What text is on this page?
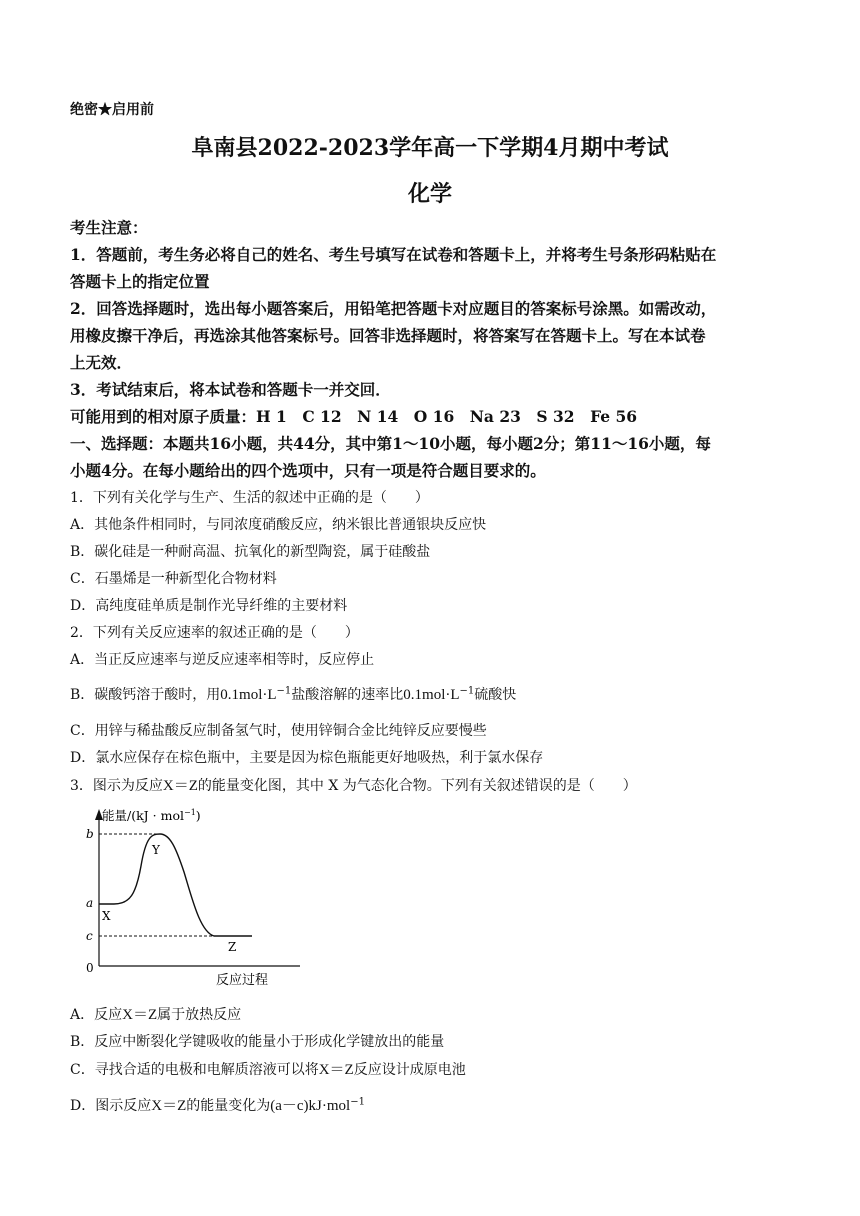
绝密★启用前
阜南县2022-2023学年高一下学期4月期中考试
化学
考生注意：
1．答题前，考生务必将自己的姓名、考生号填写在试卷和答题卡上，并将考生号条形码粘贴在
答题卡上的指定位置
2．回答选择题时，选出每小题答案后，用铅笔把答题卡对应题目的答案标号涂黑。如需改动，
用橡皮擦干净后，再选涂其他答案标号。回答非选择题时，将答案写在答题卡上。写在本试卷
上无效．
3．考试结束后，将本试卷和答题卡一并交回．
可能用到的相对原子质量：H 1　C 12　N 14　O 16　Na 23　S 32　Fe 56
一、选择题：本题共16小题，共44分，其中第1～10小题，每小题2分；第11～16小题，每
小题4分。在每小题给出的四个选项中，只有一项是符合题目要求的。
1．下列有关化学与生产、生活的叙述中正确的是（　　）
A．其他条件相同时，与同浓度硝酸反应，纳米银比普通银块反应快
B．碳化硅是一种耐高温、抗氧化的新型陶瓷，属于硅酸盐
C．石墨烯是一种新型化合物材料
D．高纯度硅单质是制作光导纤维的主要材料
2．下列有关反应速率的叙述正确的是（　　）
A．当正反应速率与逆反应速率相等时，反应停止
B．碳酸钙溶于酸时，用$0.1mol\cdot L^{-1}$盐酸溶解的速率比$0.1mol\cdot L^{-1}$硫酸快
C．用锌与稀盐酸反应制备氢气时，使用锌铜合金比纯锌反应要慢些
D．氯水应保存在棕色瓶中，主要是因为棕色瓶能更好地吸热，利于氯水保存
3．图示为反应X＝Z的能量变化图，其中 X 为气态化合物。下列有关叙述错误的是（　　）
能量/(kJ · mol$^{-1}$)
b
a
c
0
X
Y
Z
反应过程
A．反应X＝Z属于放热反应
B．反应中断裂化学键吸收的能量小于形成化学键放出的能量
C．寻找合适的电极和电解质溶液可以将X＝Z反应设计成原电池
D．图示反应X＝Z的能量变化为(a－c)kJ·mol$^{-1}$
